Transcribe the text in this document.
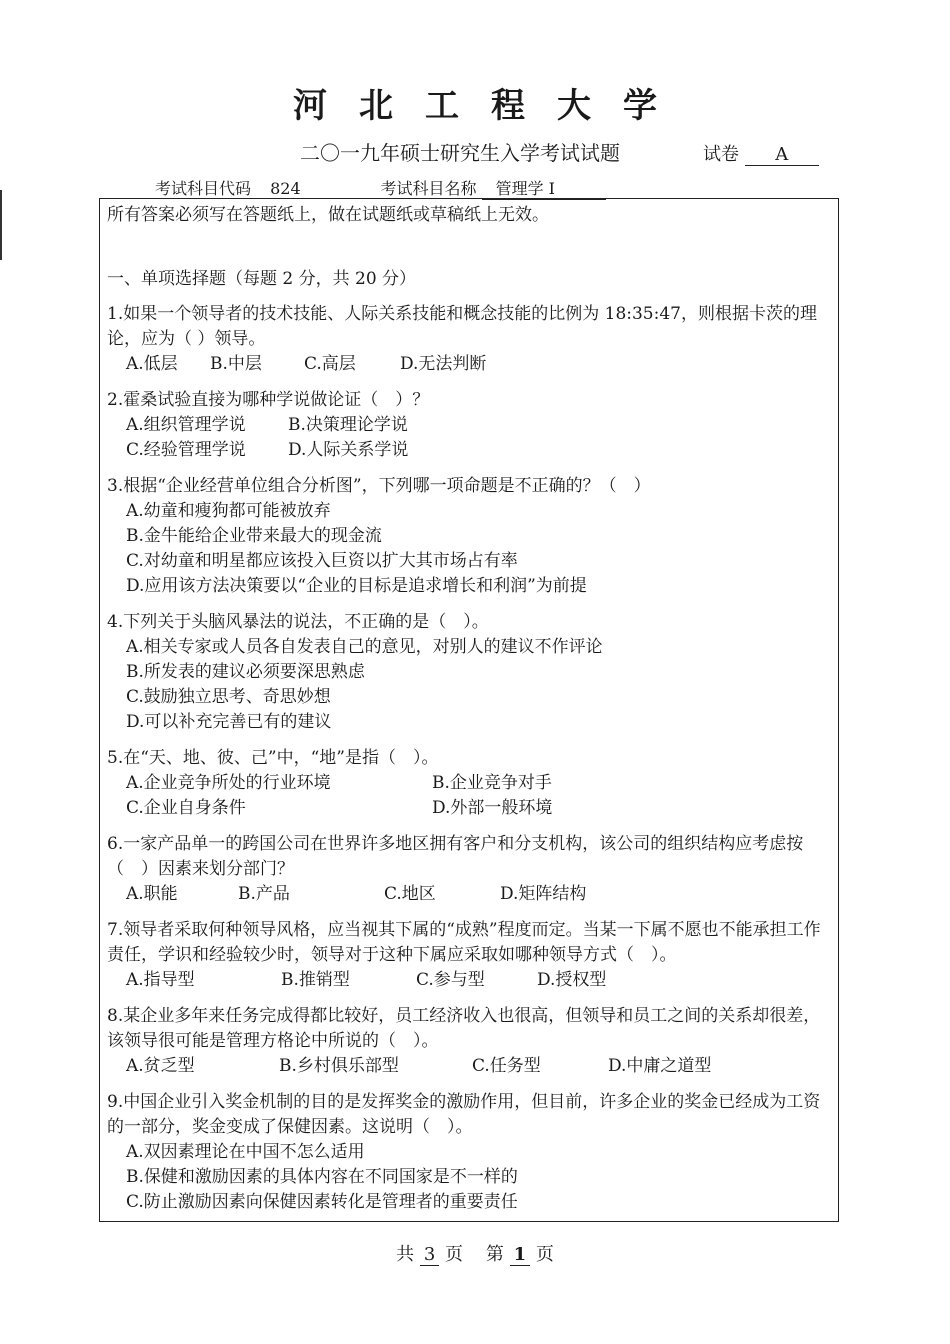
河北工程大学
二〇一九年硕士研究生入学考试试题	试卷 A
考试科目代码 824	考试科目名称 管理学 I

所有答案必须写在答题纸上，做在试题纸或草稿纸上无效。

一、单项选择题（每题 2 分，共 20 分）

1.如果一个领导者的技术技能、人际关系技能和概念技能的比例为 18:35:47，则根据卡茨的理论，应为（ ）领导。

A.低层	B.中层	C.高层	D.无法判断

2.霍桑试验直接为哪种学说做论证（　）？

A.组织管理学说	B.决策理论学说
C.经验管理学说	D.人际关系学说

3.根据“企业经营单位组合分析图”，下列哪一项命题是不正确的？（　）

A.幼童和瘦狗都可能被放弃
B.金牛能给企业带来最大的现金流
C.对幼童和明星都应该投入巨资以扩大其市场占有率
D.应用该方法决策要以“企业的目标是追求增长和利润”为前提

4.下列关于头脑风暴法的说法，不正确的是（　）。

A.相关专家或人员各自发表自己的意见，对别人的建议不作评论
B.所发表的建议必须要深思熟虑
C.鼓励独立思考、奇思妙想
D.可以补充完善已有的建议

5.在“天、地、彼、己”中，“地”是指（　）。

A.企业竞争所处的行业环境	B.企业竞争对手
C.企业自身条件	D.外部一般环境

6.一家产品单一的跨国公司在世界许多地区拥有客户和分支机构，该公司的组织结构应考虑按（　）因素来划分部门？

A.职能	B.产品	C.地区	D.矩阵结构

7.领导者采取何种领导风格，应当视其下属的“成熟”程度而定。当某一下属不愿也不能承担工作责任，学识和经验较少时，领导对于这种下属应采取如哪种领导方式（　）。

A.指导型	B.推销型	C.参与型	D.授权型

8.某企业多年来任务完成得都比较好，员工经济收入也很高，但领导和员工之间的关系却很差，该领导很可能是管理方格论中所说的（　）。

A.贫乏型	B.乡村俱乐部型	C.任务型	D.中庸之道型

9.中国企业引入奖金机制的目的是发挥奖金的激励作用，但目前，许多企业的奖金已经成为工资的一部分，奖金变成了保健因素。这说明（　）。

A.双因素理论在中国不怎么适用
B.保健和激励因素的具体内容在不同国家是不一样的
C.防止激励因素向保健因素转化是管理者的重要责任
共 3 页 第 1 页
